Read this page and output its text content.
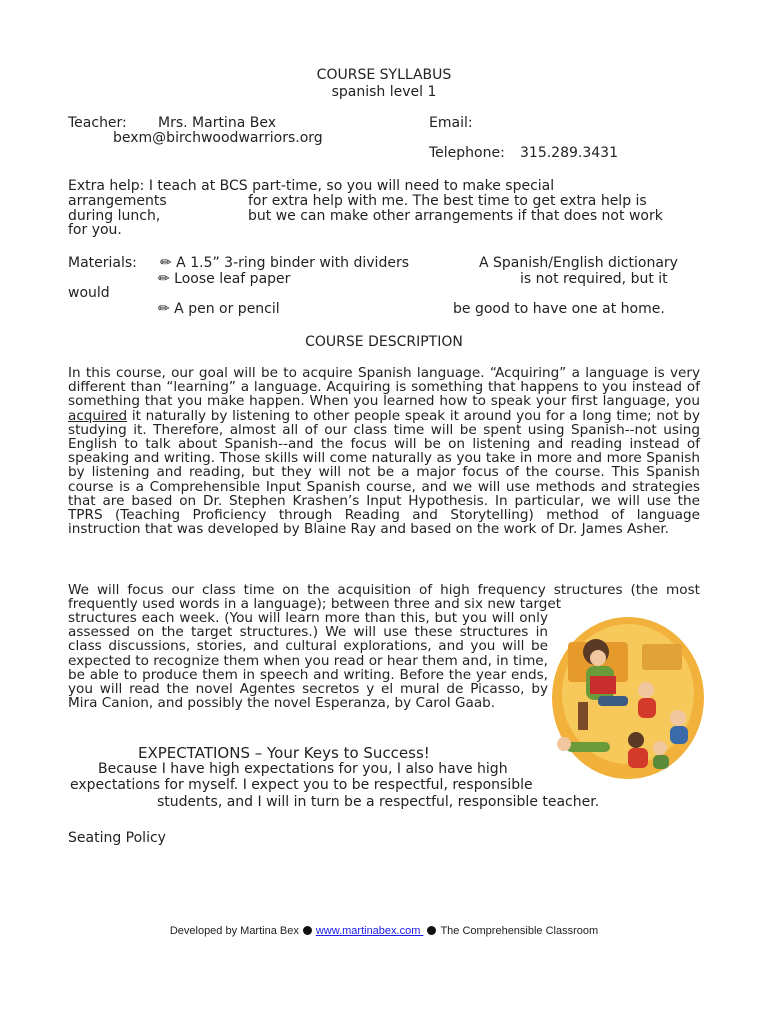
COURSE SYLLABUS
spanish level 1
Teacher: Mrs. Martina Bex	Email:
bexm@birchwoodwarriors.org
Telephone: 315.289.3431
Extra help: I teach at BCS part-time, so you will need to make special
arrangements	for extra help with me. The best time to get extra help is
during lunch,	but we can make other arrangements if that does not work
for you.
Materials: ✏ A 1.5” 3-ring binder with dividers	A Spanish/English dictionary
✏ Loose leaf paper	is not required, but it
would
✏ A pen or pencil	be good to have one at home.
COURSE DESCRIPTION
In this course, our goal will be to acquire Spanish language. “Acquiring” a language is very different than “learning” a language. Acquiring is something that happens to you instead of something that you make happen. When you learned how to speak your first language, you acquired it naturally by listening to other people speak it around you for a long time; not by studying it. Therefore, almost all of our class time will be spent using Spanish--not using English to talk about Spanish--and the focus will be on listening and reading instead of speaking and writing. Those skills will come naturally as you take in more and more Spanish by listening and reading, but they will not be a major focus of the course. This Spanish course is a Comprehensible Input Spanish course, and we will use methods and strategies that are based on Dr. Stephen Krashen’s Input Hypothesis. In particular, we will use the TPRS (Teaching Proficiency through Reading and Storytelling) method of language instruction that was developed by Blaine Ray and based on the work of Dr. James Asher.
We will focus our class time on the acquisition of high frequency structures (the most frequently used words in a language); between three and six new target
structures each week. (You will learn more than this, but you will only assessed on the target structures.) We will use these structures in class discussions, stories, and cultural explorations, and you will be expected to recognize them when you read or hear them and, in time, be able to produce them in speech and writing. Before the year ends, you will read the novel Agentes secretos y el mural de Picasso, by Mira Canion, and possibly the novel Esperanza, by Carol Gaab.
EXPECTATIONS – Your Keys to Success!
Because I have high expectations for you, I also have high
expectations for myself. I expect you to be respectful, responsible
students, and I will in turn be a respectful, responsible teacher.
Seating Policy
Developed by Martina Bex www.martinabex.com The Comprehensible Classroom
